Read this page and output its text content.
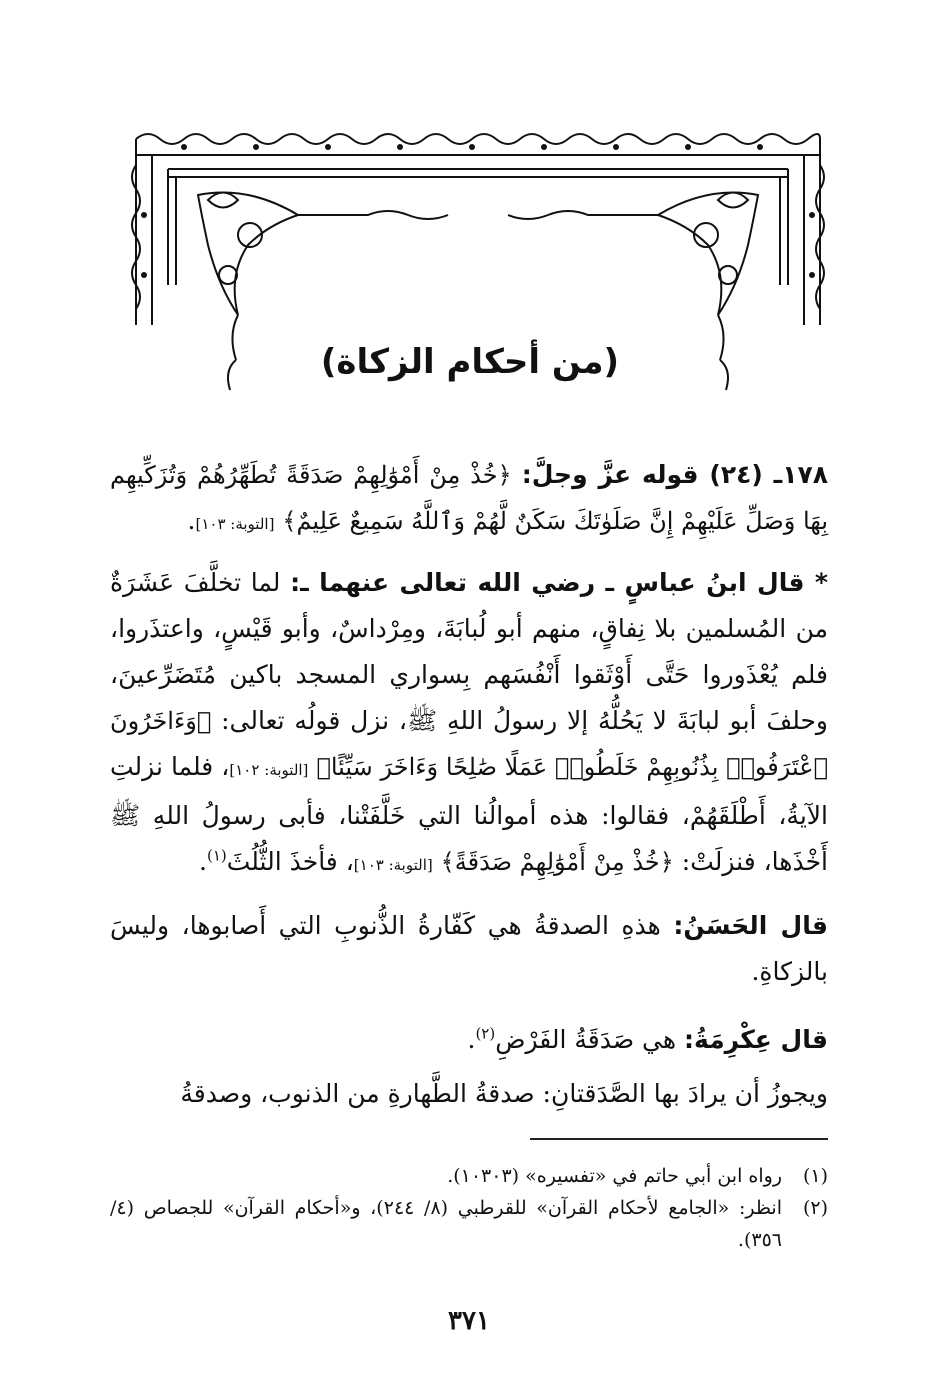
(من أحكام الزكاة)
١٧٨ـ (٢٤) قوله عزَّ وجلَّ: ﴿خُذْ مِنْ أَمْوَٰلِهِمْ صَدَقَةً تُطَهِّرُهُمْ وَتُزَكِّيهِم بِهَا وَصَلِّ عَلَيْهِمْ إِنَّ صَلَوٰتَكَ سَكَنٌ لَّهُمْ وَٱللَّهُ سَمِيعٌ عَلِيمٌ﴾ [التوبة: ١٠٣].
* قال ابنُ عباسٍ ـ رضي الله تعالى عنهما ـ: لما تخلَّفَ عَشَرَةٌ من المُسلمين بلا نِفاقٍ، منهم أبو لُبابَةَ، ومِرْداسٌ، وأبو قَيْسٍ، واعتذَروا، فلم يُعْذَوروا حَتَّى أَوْثَقوا أَنْفُسَهم بِسواري المسجد باكين مُتَضَرِّعينَ، وحلفَ أبو لبابَةَ لا يَحُلُّهُ إلا رسولُ اللهِ ﷺ، نزل قولُه تعالى: ﴿وَءَاخَرُونَ ٱعْتَرَفُوا۟ بِذُنُوبِهِمْ خَلَطُوا۟ عَمَلًا صَٰلِحًا وَءَاخَرَ سَيِّئًا﴾ [التوبة: ١٠٢]، فلما نزلتِ الآيةُ، أَطْلَقَهُمْ، فقالوا: هذه أموالُنا التي خَلَّفَتْنا، فأبى رسولُ اللهِ ﷺ أَخْذَها، فنزلَتْ: ﴿خُذْ مِنْ أَمْوَٰلِهِمْ صَدَقَةً﴾ [التوبة: ١٠٣]، فأخذَ الثُّلُثَ$^{(١)}$.
قال الحَسَنُ: هذهِ الصدقةُ هي كَفّارةُ الذُّنوبِ التي أَصابوها، وليسَ بالزكاةِ.
قال عِكْرِمَةُ: هي صَدَقَةُ الفَرْضِ$^{(٢)}$.
ويجوزُ أن يرادَ بها الصَّدَقتانِ: صدقةُ الطَّهارةِ من الذنوب، وصدقةُ
(١)
رواه ابن أبي حاتم في «تفسيره» (١٠٣٠٣).
(٢)
انظر: «الجامع لأحكام القرآن» للقرطبي (٨/ ٢٤٤)، و«أحكام القرآن» للجصاص (٤/ ٣٥٦).
٣٧١
